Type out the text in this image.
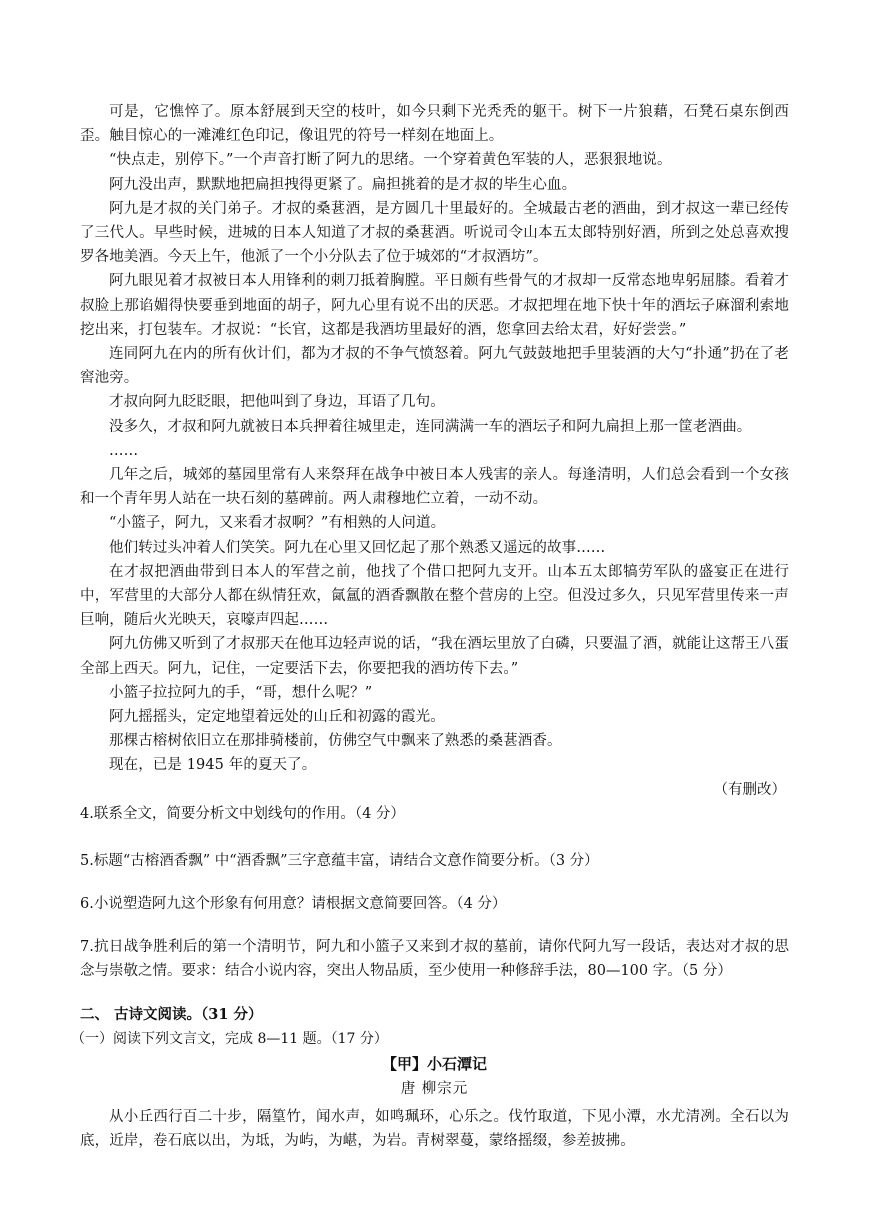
可是，它憔悴了。原本舒展到天空的枝叶，如今只剩下光秃秃的躯干。树下一片狼藉，石凳石桌东倒西歪。触目惊心的一滩滩红色印记，像诅咒的符号一样刻在地面上。

“快点走，别停下。”一个声音打断了阿九的思绪。一个穿着黄色军装的人，恶狠狠地说。

阿九没出声，默默地把扁担拽得更紧了。扁担挑着的是才叔的毕生心血。

阿九是才叔的关门弟子。才叔的桑葚酒，是方圆几十里最好的。全城最古老的酒曲，到才叔这一辈已经传了三代人。早些时候，进城的日本人知道了才叔的桑葚酒。听说司令山本五太郎特别好酒，所到之处总喜欢搜罗各地美酒。今天上午，他派了一个小分队去了位于城郊的“才叔酒坊”。

阿九眼见着才叔被日本人用锋利的刺刀抵着胸膛。平日颇有些骨气的才叔却一反常态地卑躬屈膝。看着才叔脸上那谄媚得快要垂到地面的胡子，阿九心里有说不出的厌恶。才叔把埋在地下快十年的酒坛子麻溜利索地挖出来，打包装车。才叔说：“长官，这都是我酒坊里最好的酒，您拿回去给太君，好好尝尝。”

连同阿九在内的所有伙计们，都为才叔的不争气愤怒着。阿九气鼓鼓地把手里装酒的大勺“扑通”扔在了老窖池旁。

才叔向阿九眨眨眼，把他叫到了身边，耳语了几句。

没多久，才叔和阿九就被日本兵押着往城里走，连同满满一车的酒坛子和阿九扁担上那一筐老酒曲。

……

几年之后，城郊的墓园里常有人来祭拜在战争中被日本人残害的亲人。每逢清明，人们总会看到一个女孩和一个青年男人站在一块石刻的墓碑前。两人肃穆地伫立着，一动不动。

“小篮子，阿九，又来看才叔啊？”有相熟的人问道。

他们转过头冲着人们笑笑。阿九在心里又回忆起了那个熟悉又遥远的故事……

在才叔把酒曲带到日本人的军营之前，他找了个借口把阿九支开。山本五太郎犒劳军队的盛宴正在进行中，军营里的大部分人都在纵情狂欢，氤氲的酒香飘散在整个营房的上空。但没过多久，只见军营里传来一声巨响，随后火光映天，哀嚎声四起……

阿九仿佛又听到了才叔那天在他耳边轻声说的话，“我在酒坛里放了白磷，只要温了酒，就能让这帮王八蛋全部上西天。阿九，记住，一定要活下去，你要把我的酒坊传下去。”

小篮子拉拉阿九的手，“哥，想什么呢？”

阿九摇摇头，定定地望着远处的山丘和初露的霞光。

那棵古榕树依旧立在那排骑楼前，仿佛空气中飘来了熟悉的桑葚酒香。

现在，已是 1945 年的夏天了。

（有删改）

4.联系全文，简要分析文中划线句的作用。（4 分）

5.标题“古榕酒香飘” 中“酒香飘”三字意蕴丰富，请结合文意作简要分析。（3 分）

6.小说塑造阿九这个形象有何用意？请根据文意简要回答。（4 分）

7.抗日战争胜利后的第一个清明节，阿九和小篮子又来到才叔的墓前，请你代阿九写一段话，表达对才叔的思念与崇敬之情。要求：结合小说内容，突出人物品质，至少使用一种修辞手法，80—100 字。（5 分）

二、 古诗文阅读。（31 分）

（一）阅读下列文言文，完成 8—11 题。（17 分）

【甲】小石潭记

唐 柳宗元

从小丘西行百二十步，隔篁竹，闻水声，如鸣珮环，心乐之。伐竹取道，下见小潭，水尤清冽。全石以为底，近岸，卷石底以出，为坻，为屿，为嵁，为岩。青树翠蔓，蒙络摇缀，参差披拂。
